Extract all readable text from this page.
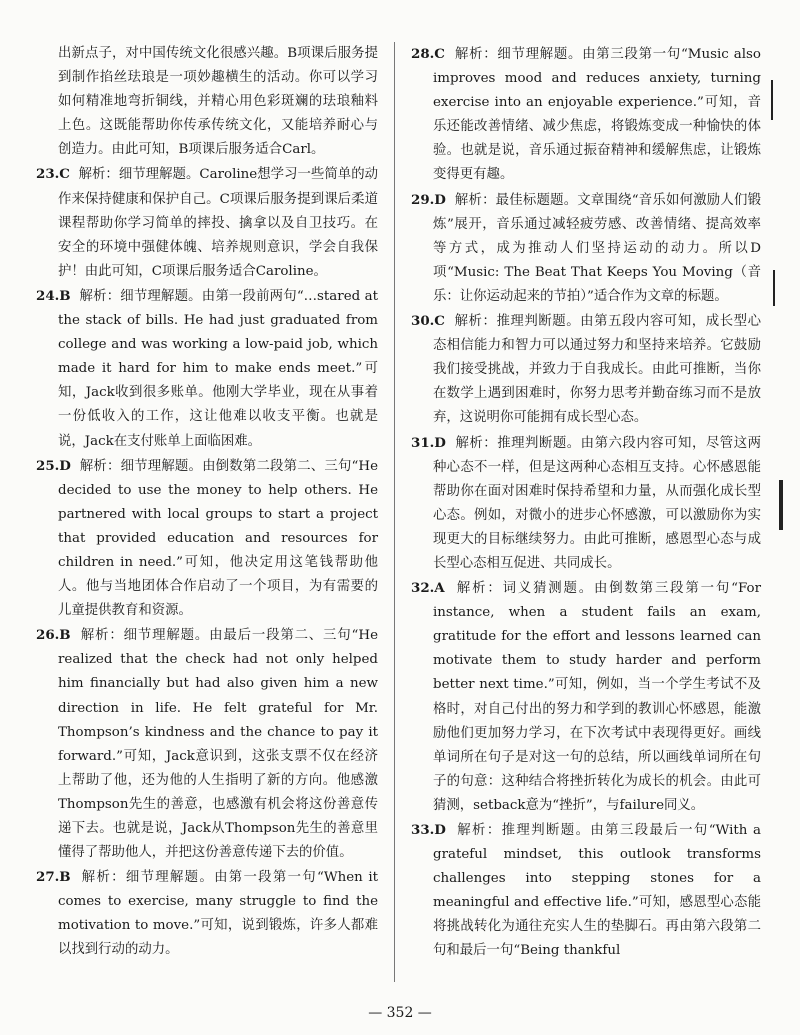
出新点子，对中国传统文化很感兴趣。B项课后服务提到制作掐丝珐琅是一项妙趣横生的活动。你可以学习如何精准地弯折铜线，并精心用色彩斑斓的珐琅釉料上色。这既能帮助你传承传统文化，又能培养耐心与创造力。由此可知，B项课后服务适合Carl。

23.C 解析：细节理解题。Caroline想学习一些简单的动作来保持健康和保护自己。C项课后服务提到课后柔道课程帮助你学习简单的摔投、擒拿以及自卫技巧。在安全的环境中强健体魄、培养规则意识，学会自我保护！由此可知，C项课后服务适合Caroline。

24.B 解析：细节理解题。由第一段前两句“…stared at the stack of bills. He had just graduated from college and was working a low-paid job, which made it hard for him to make ends meet.”可知，Jack收到很多账单。他刚大学毕业，现在从事着一份低收入的工作，这让他难以收支平衡。也就是说，Jack在支付账单上面临困难。

25.D 解析：细节理解题。由倒数第二段第二、三句“He decided to use the money to help others. He partnered with local groups to start a project that provided education and resources for children in need.”可知，他决定用这笔钱帮助他人。他与当地团体合作启动了一个项目，为有需要的儿童提供教育和资源。

26.B 解析：细节理解题。由最后一段第二、三句“He realized that the check had not only helped him financially but had also given him a new direction in life. He felt grateful for Mr. Thompson’s kindness and the chance to pay it forward.”可知，Jack意识到，这张支票不仅在经济上帮助了他，还为他的人生指明了新的方向。他感激Thompson先生的善意，也感激有机会将这份善意传递下去。也就是说，Jack从Thompson先生的善意里懂得了帮助他人，并把这份善意传递下去的价值。

27.B 解析：细节理解题。由第一段第一句“When it comes to exercise, many struggle to find the motivation to move.”可知，说到锻炼，许多人都难以找到行动的动力。

28.C 解析：细节理解题。由第三段第一句“Music also improves mood and reduces anxiety, turning exercise into an enjoyable experience.”可知，音乐还能改善情绪、减少焦虑，将锻炼变成一种愉快的体验。也就是说，音乐通过振奋精神和缓解焦虑，让锻炼变得更有趣。

29.D 解析：最佳标题题。文章围绕“音乐如何激励人们锻炼”展开，音乐通过减轻疲劳感、改善情绪、提高效率等方式，成为推动人们坚持运动的动力。所以D项“Music: The Beat That Keeps You Moving（音乐：让你运动起来的节拍）”适合作为文章的标题。

30.C 解析：推理判断题。由第五段内容可知，成长型心态相信能力和智力可以通过努力和坚持来培养。它鼓励我们接受挑战，并致力于自我成长。由此可推断，当你在数学上遇到困难时，你努力思考并勤奋练习而不是放弃，这说明你可能拥有成长型心态。

31.D 解析：推理判断题。由第六段内容可知，尽管这两种心态不一样，但是这两种心态相互支持。心怀感恩能帮助你在面对困难时保持希望和力量，从而强化成长型心态。例如，对微小的进步心怀感激，可以激励你为实现更大的目标继续努力。由此可推断，感恩型心态与成长型心态相互促进、共同成长。

32.A 解析：词义猜测题。由倒数第三段第一句“For instance, when a student fails an exam, gratitude for the effort and lessons learned can motivate them to study harder and perform better next time.”可知，例如，当一个学生考试不及格时，对自己付出的努力和学到的教训心怀感恩，能激励他们更加努力学习，在下次考试中表现得更好。画线单词所在句子是对这一句的总结，所以画线单词所在句子的句意：这种结合将挫折转化为成长的机会。由此可猜测，setback意为“挫折”，与failure同义。

33.D 解析：推理判断题。由第三段最后一句“With a grateful mindset, this outlook transforms challenges into stepping stones for a meaningful and effective life.”可知，感恩型心态能将挑战转化为通往充实人生的垫脚石。再由第六段第二句和最后一句“Being thankful

— 352 —
